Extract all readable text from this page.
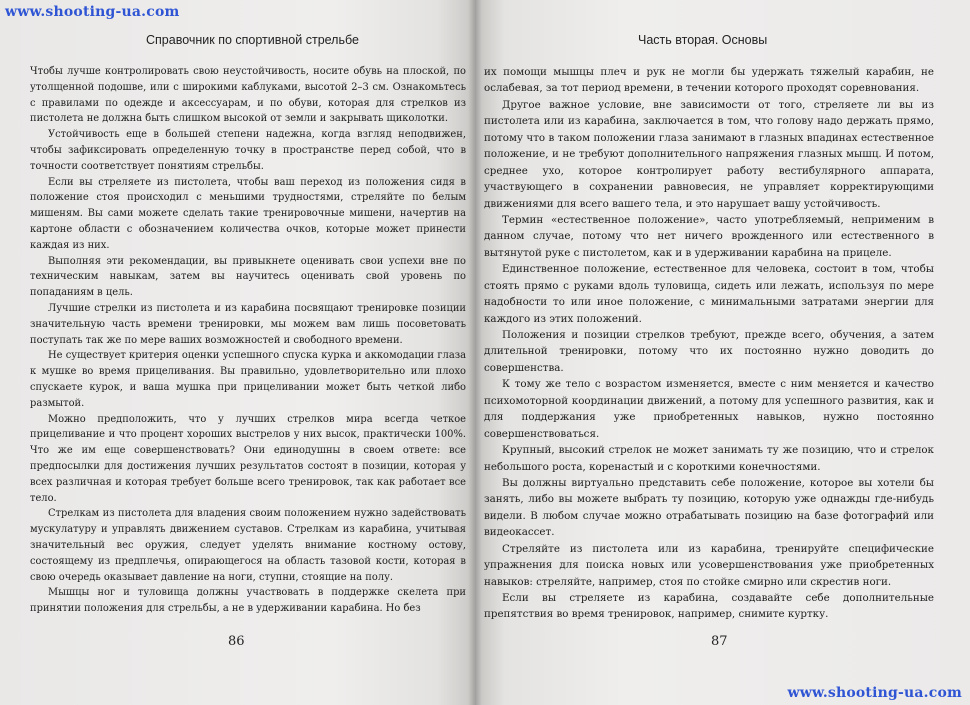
Справочник по спортивной стрельбе

Чтобы лучше контролировать свою неустойчивость, носите обувь на плоской, по утолщенной подошве, или с широкими каблуками, высотой 2–3 см. Ознакомьтесь с правилами по одежде и аксессуарам, и по обуви, которая для стрелков из пистолета не должна быть слишком высокой от земли и закрывать щиколотки.

Устойчивость еще в большей степени надежна, когда взгляд неподвижен, чтобы зафиксировать определенную точку в пространстве перед собой, что в точности соответствует понятиям стрельбы.

Если вы стреляете из пистолета, чтобы ваш переход из положения сидя в положение стоя происходил с меньшими трудностями, стреляйте по белым мишеням. Вы сами можете сделать такие тренировочные мишени, начертив на картоне области с обозначением количества очков, которые может принести каждая из них.

Выполняя эти рекомендации, вы привыкнете оценивать свои успехи вне по техническим навыкам, затем вы научитесь оценивать свой уровень по попаданиям в цель.

Лучшие стрелки из пистолета и из карабина посвящают тренировке позиции значительную часть времени тренировки, мы можем вам лишь посоветовать поступать так же по мере ваших возможностей и свободного времени.

Не существует критерия оценки успешного спуска курка и аккомодации глаза к мушке во время прицеливания. Вы правильно, удовлетворительно или плохо спускаете курок, и ваша мушка при прицеливании может быть четкой либо размытой.

Можно предположить, что у лучших стрелков мира всегда четкое прицеливание и что процент хороших выстрелов у них высок, практически 100%. Что же им еще совершенствовать? Они единодушны в своем ответе: все предпосылки для достижения лучших результатов состоят в позиции, которая у всех различная и которая требует больше всего тренировок, так как работает все тело.

Стрелкам из пистолета для владения своим положением нужно задействовать мускулатуру и управлять движением суставов. Стрелкам из карабина, учитывая значительный вес оружия, следует уделять внимание костному остову, состоящему из предплечья, опирающегося на область тазовой кости, которая в свою очередь оказывает давление на ноги, ступни, стоящие на полу.

Мышцы ног и туловища должны участвовать в поддержке скелета при принятии положения для стрельбы, а не в удерживании карабина. Но без

86
Часть вторая. Основы

их помощи мышцы плеч и рук не могли бы удержать тяжелый карабин, не ослабевая, за тот период времени, в течении которого проходят соревнования.

Другое важное условие, вне зависимости от того, стреляете ли вы из пистолета или из карабина, заключается в том, что голову надо держать прямо, потому что в таком положении глаза занимают в глазных впадинах естественное положение, и не требуют дополнительного напряжения глазных мышц. И потом, среднее ухо, которое контролирует работу вестибулярного аппарата, участвующего в сохранении равновесия, не управляет корректирующими движениями для всего вашего тела, и это нарушает вашу устойчивость.

Термин «естественное положение», часто употребляемый, неприменим в данном случае, потому что нет ничего врожденного или естественного в вытянутой руке с пистолетом, как и в удерживании карабина на прицеле.

Единственное положение, естественное для человека, состоит в том, чтобы стоять прямо с руками вдоль туловища, сидеть или лежать, используя по мере надобности то или иное положение, с минимальными затратами энергии для каждого из этих положений.

Положения и позиции стрелков требуют, прежде всего, обучения, а затем длительной тренировки, потому что их постоянно нужно доводить до совершенства.

К тому же тело с возрастом изменяется, вместе с ним меняется и качество психомоторной координации движений, а потому для успешного развития, как и для поддержания уже приобретенных навыков, нужно постоянно совершенствоваться.

Крупный, высокий стрелок не может занимать ту же позицию, что и стрелок небольшого роста, коренастый и с короткими конечностями.

Вы должны виртуально представить себе положение, которое вы хотели бы занять, либо вы можете выбрать ту позицию, которую уже однажды где-нибудь видели. В любом случае можно отрабатывать позицию на базе фотографий или видеокассет.

Стреляйте из пистолета или из карабина, тренируйте специфические упражнения для поиска новых или усовершенствования уже приобретенных навыков: стреляйте, например, стоя по стойке смирно или скрестив ноги.

Если вы стреляете из карабина, создавайте себе дополнительные препятствия во время тренировок, например, снимите куртку.

87
www.shooting-ua.com
www.shooting-ua.com
